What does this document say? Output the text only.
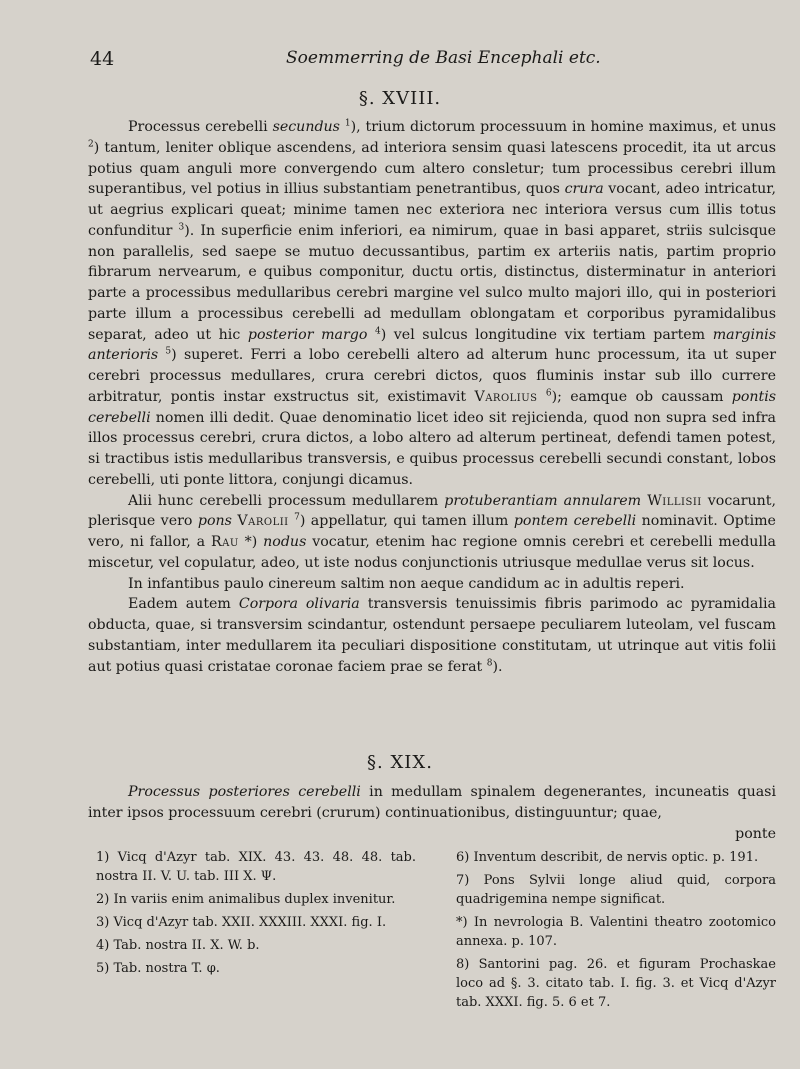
44	Soemmerring de Basi Encephali etc.
§. XVIII.

Processus cerebelli secundus $^1$), trium dictorum processuum in homine maximus, et unus $^2$) tantum, leniter oblique ascendens, ad interiora sensim quasi latescens procedit, ita ut arcus potius quam anguli more convergendo cum altero consletur; tum processibus cerebri illum superantibus, vel potius in illius substantiam penetrantibus, quos crura vocant, adeo intricatur, ut aegrius explicari queat; minime tamen nec exteriora nec interiora versus cum illis totus confunditur $^3$). In superficie enim inferiori, ea nimirum, quae in basi apparet, striis sulcisque non parallelis, sed saepe se mutuo decussantibus, partim ex arteriis natis, partim proprio fibrarum nervearum, e quibus componitur, ductu ortis, distinctus, disterminatur in anteriori parte a processibus medullaribus cerebri margine vel sulco multo majori illo, qui in posteriori parte illum a processibus cerebelli ad medullam oblongatam et corporibus pyramidalibus separat, adeo ut hic posterior margo $^4$) vel sulcus longitudine vix tertiam partem marginis anterioris $^5$) superet. Ferri a lobo cerebelli altero ad alterum hunc processum, ita ut super cerebri processus medullares, crura cerebri dictos, quos fluminis instar sub illo currere arbitratur, pontis instar exstructus sit, existimavit Varolius $^6$); eamque ob caussam pontis cerebelli nomen illi dedit. Quae denominatio licet ideo sit rejicienda, quod non supra sed infra illos processus cerebri, crura dictos, a lobo altero ad alterum pertineat, defendi tamen potest, si tractibus istis medullaribus transversis, e quibus processus cerebelli secundi constant, lobos cerebelli, uti ponte littora, conjungi dicamus.

Alii hunc cerebelli processum medullarem protuberantiam annularem Willisii vocarunt, plerisque vero pons Varolii $^7$) appellatur, qui tamen illum pontem cerebelli nominavit. Optime vero, ni fallor, a Rau *) nodus vocatur, etenim hac regione omnis cerebri et cerebelli medulla miscetur, vel copulatur, adeo, ut iste nodus conjunctionis utriusque medullae verus sit locus.

In infantibus paulo cinereum saltim non aeque candidum ac in adultis reperi.

Eadem autem Corpora olivaria transversis tenuissimis fibris parimodo ac pyramidalia obducta, quae, si transversim scindantur, ostendunt persaepe peculiarem luteolam, vel fuscam substantiam, inter medullarem ita peculiari dispositione constitutam, ut utrinque aut vitis folii aut potius quasi cristatae coronae faciem prae se ferat $^8$).

§. XIX.

Processus posteriores cerebelli in medullam spinalem degenerantes, incuneatis quasi inter ipsos processuum cerebri (crurum) continuationibus, distinguuntur; quae,

ponte

1) Vicq d'Azyr tab. XIX. 43. 43. 48. 48. tab. nostra II. V. U. tab. III X. Ψ.

2) In variis enim animalibus duplex invenitur.

3) Vicq d'Azyr tab. XXII. XXXIII. XXXI. fig. I.

4) Tab. nostra II. X. W. b.

5) Tab. nostra T. φ.

6) Inventum describit, de nervis optic. p. 191.

7) Pons Sylvii longe aliud quid, corpora quadrigemina nempe significat.

*) In nevrologia B. Valentini theatro zootomico annexa. p. 107.

8) Santorini pag. 26. et figuram Prochaskae loco ad §. 3. citato tab. I. fig. 3. et Vicq d'Azyr tab. XXXI. fig. 5. 6 et 7.
